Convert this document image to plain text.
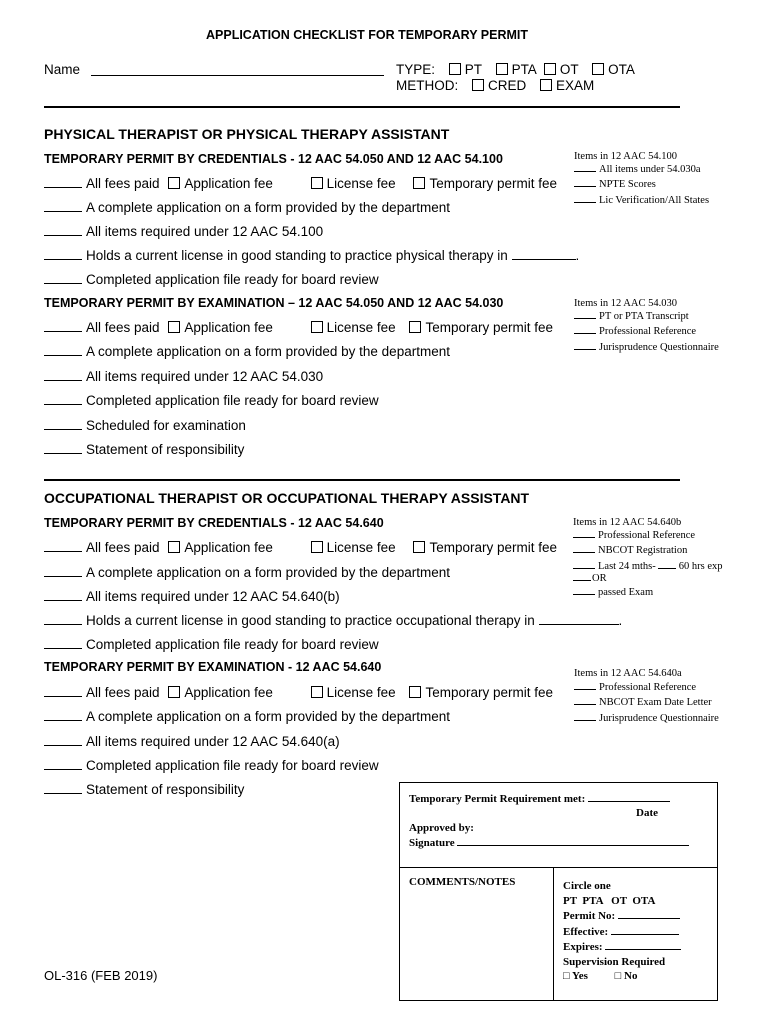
APPLICATION CHECKLIST FOR TEMPORARY PERMIT
Name	TYPE: PT PTA OT OTA
METHOD: CRED EXAM
PHYSICAL THERAPIST OR PHYSICAL THERAPY ASSISTANT
TEMPORARY PERMIT BY CREDENTIALS - 12 AAC 54.050 AND 12 AAC 54.100
All fees paid Application fee	License fee	Temporary permit fee
A complete application on a form provided by the department
All items required under 12 AAC 54.100
Holds a current license in good standing to practice physical therapy in	.
Completed application file ready for board review
Items in 12 AAC 54.100
All items under 54.030a
NPTE Scores
Lic Verification/All States
TEMPORARY PERMIT BY EXAMINATION – 12 AAC 54.050 AND 12 AAC 54.030
All fees paid Application fee	License fee Temporary permit fee
A complete application on a form provided by the department
All items required under 12 AAC 54.030
Completed application file ready for board review
Scheduled for examination
Statement of responsibility
Items in 12 AAC 54.030
PT or PTA Transcript
Professional Reference
Jurisprudence Questionnaire
OCCUPATIONAL THERAPIST OR OCCUPATIONAL THERAPY ASSISTANT
TEMPORARY PERMIT BY CREDENTIALS - 12 AAC 54.640
All fees paid Application fee	License fee	Temporary permit fee
A complete application on a form provided by the department
All items required under 12 AAC 54.640(b)
Holds a current license in good standing to practice occupational therapy in	.
Completed application file ready for board review
Items in 12 AAC 54.640b
Professional Reference
NBCOT Registration
Last 24 mths- 60 hrs exp
OR
passed Exam
TEMPORARY PERMIT BY EXAMINATION - 12 AAC 54.640
All fees paid Application fee	License fee Temporary permit fee
A complete application on a form provided by the department
All items required under 12 AAC 54.640(a)
Completed application file ready for board review
Statement of responsibility
Items in 12 AAC 54.640a
Professional Reference
NBCOT Exam Date Letter
Jurisprudence Questionnaire
Temporary Permit Requirement met:
Date
Approved by:
Signature
COMMENTS/NOTES	Circle one
PT  PTA   OT  OTA
Permit No:
Effective:
Expires:
Supervision Required
□ Yes □ No
OL-316 (FEB 2019)
